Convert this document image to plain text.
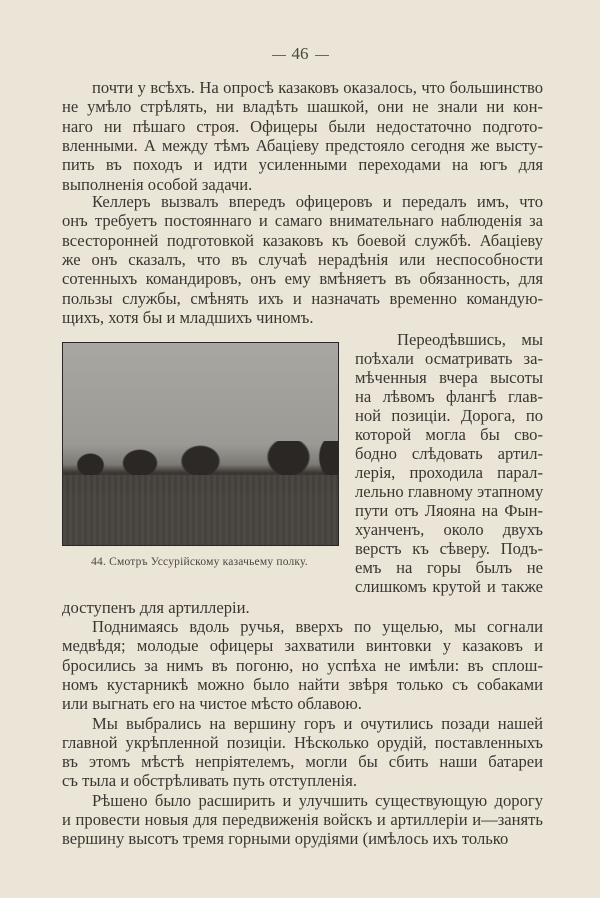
46
почти у всѣхъ. На опросѣ казаковъ оказалось, что большинство
не умѣло стрѣлять, ни владѣть шашкой, они не знали ни кон-
наго ни пѣшаго строя. Офицеры были недостаточно подгото-
вленными. А между тѣмъ Абаціеву предстояло сегодня же высту-
пить въ походъ и идти усиленными переходами на югъ для
выполненія особой задачи.
Келлеръ вызвалъ впередъ офицеровъ и передалъ имъ, что
онъ требуетъ постояннаго и самаго внимательнаго наблюденія за
всесторонней подготовкой казаковъ къ боевой службѣ. Абаціеву
же онъ сказалъ, что въ случаѣ нерадѣнія или неспособности
сотенныхъ командировъ, онъ ему вмѣняетъ въ обязанность, для
пользы службы, смѣнять ихъ и назначать временно командую-
щихъ, хотя бы и младшихъ чиномъ.
Переодѣвшись, мы
поѣхали осматривать за-
мѣченныя вчера высоты
на лѣвомъ флангѣ глав-
ной позиціи. Дорога, по
которой могла бы сво-
бодно слѣдовать артил-
лерія, проходила парал-
лельно главному этапному
пути отъ Ляояна на Фын-
хуанченъ, около двухъ
верстъ къ сѣверу. Подъ-
емъ на горы былъ не
слишкомъ крутой и также
доступенъ для артиллеріи.
Поднимаясь вдоль ручья, вверхъ по ущелью, мы согнали
медвѣдя; молодые офицеры захватили винтовки у казаковъ и
бросились за нимъ въ погоню, но успѣха не имѣли: въ сплош-
номъ кустарникѣ можно было найти звѣря только съ собаками
или выгнать его на чистое мѣсто облавою.
Мы выбрались на вершину горъ и очутились позади нашей
главной укрѣпленной позиціи. Нѣсколько орудій, поставленныхъ
въ этомъ мѣстѣ непріятелемъ, могли бы сбить наши батареи
съ тыла и обстрѣливать путь отступленія.
Рѣшено было расширить и улучшить существующую дорогу
и провести новыя для передвиженія войскъ и артиллеріи и—занять
вершину высотъ тремя горными орудіями (имѣлось ихъ только
44. Смотръ Уссурійскому казачьему полку.
